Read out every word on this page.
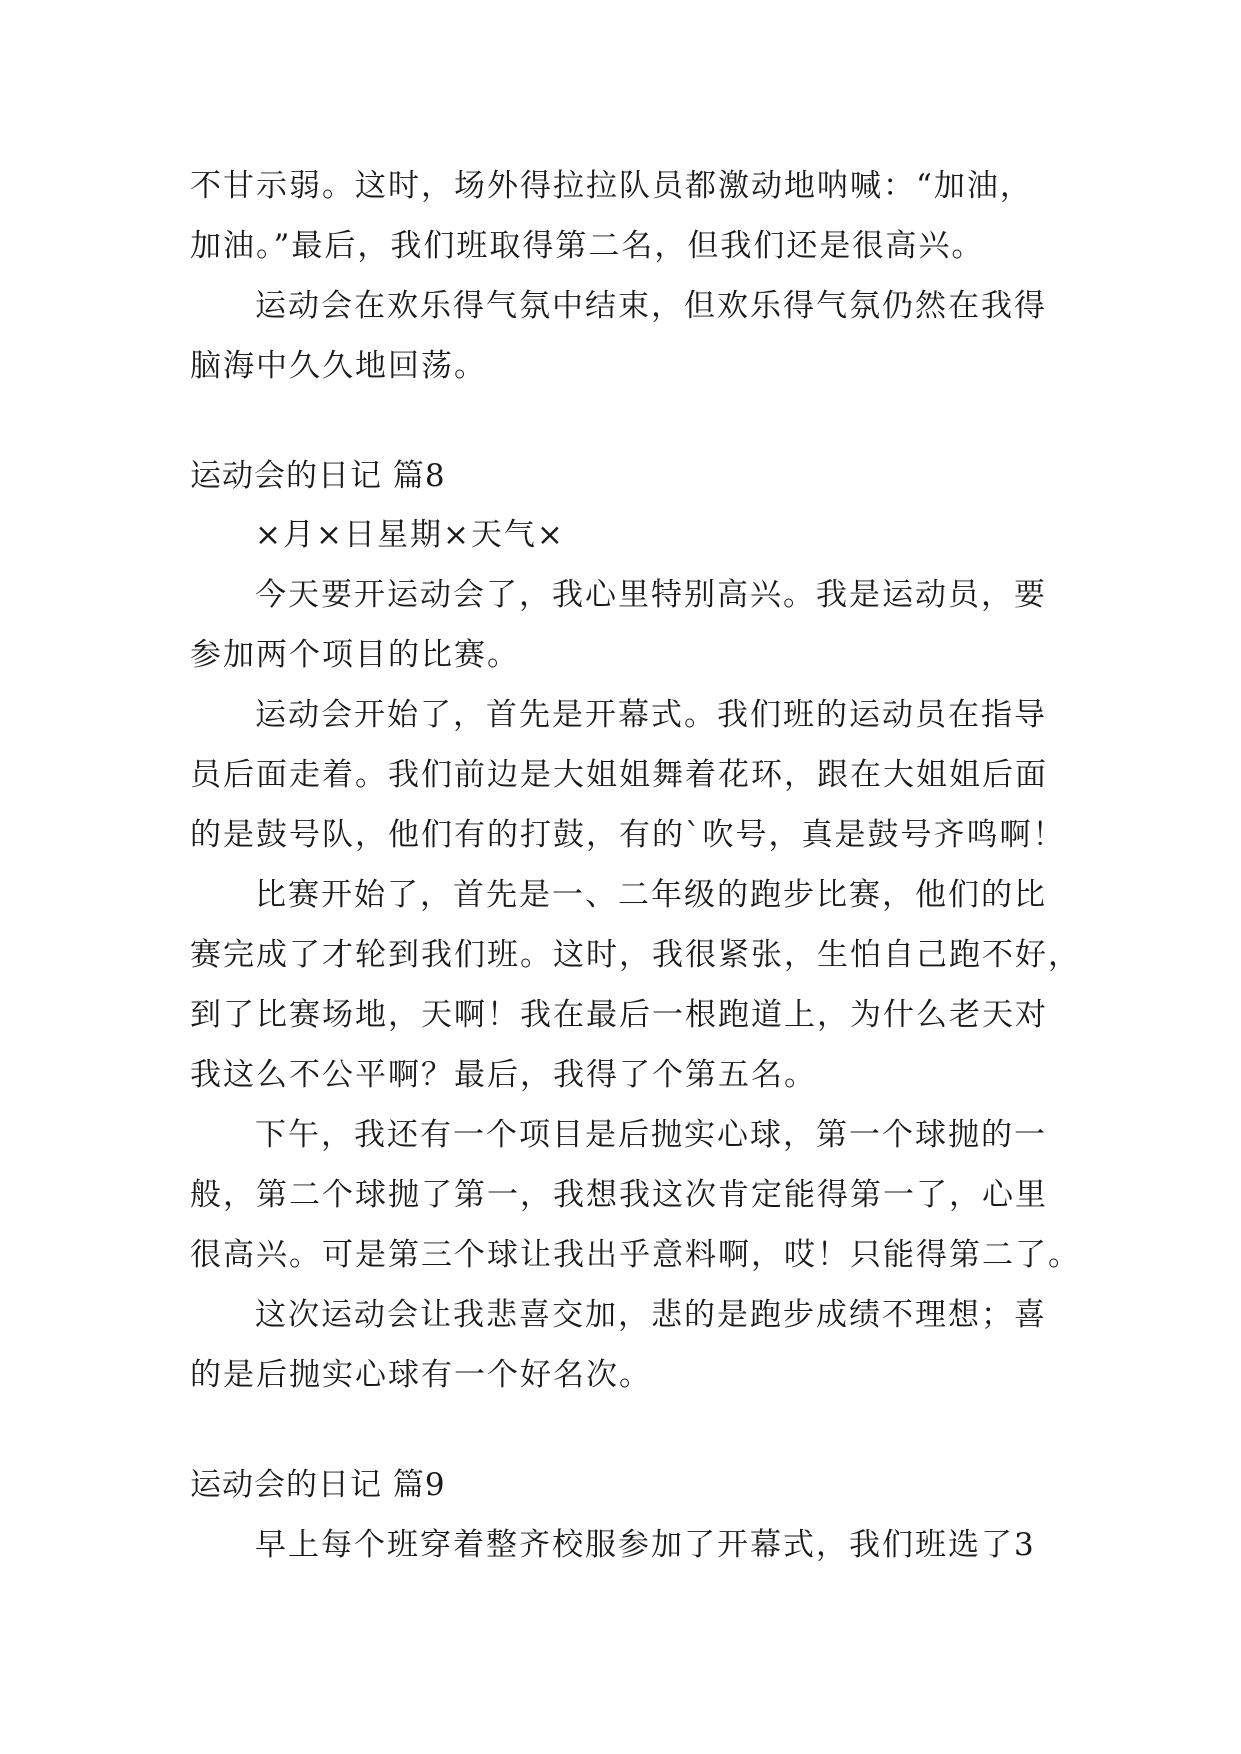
不甘示弱。这时，场外得拉拉队员都激动地呐喊：“加油，
加油。”最后，我们班取得第二名，但我们还是很高兴。
运动会在欢乐得气氛中结束，但欢乐得气氛仍然在我得
脑海中久久地回荡。
运动会的日记 篇8
×月×日星期×天气×
今天要开运动会了，我心里特别高兴。我是运动员，要
参加两个项目的比赛。
运动会开始了，首先是开幕式。我们班的运动员在指导
员后面走着。我们前边是大姐姐舞着花环，跟在大姐姐后面
的是鼓号队，他们有的打鼓，有的`吹号，真是鼓号齐鸣啊！
比赛开始了，首先是一、二年级的跑步比赛，他们的比
赛完成了才轮到我们班。这时，我很紧张，生怕自己跑不好，
到了比赛场地，天啊！我在最后一根跑道上，为什么老天对
我这么不公平啊？最后，我得了个第五名。
下午，我还有一个项目是后抛实心球，第一个球抛的一
般，第二个球抛了第一，我想我这次肯定能得第一了，心里
很高兴。可是第三个球让我出乎意料啊，哎！只能得第二了。
这次运动会让我悲喜交加，悲的是跑步成绩不理想；喜
的是后抛实心球有一个好名次。
运动会的日记 篇9
早上每个班穿着整齐校服参加了开幕式，我们班选了3
